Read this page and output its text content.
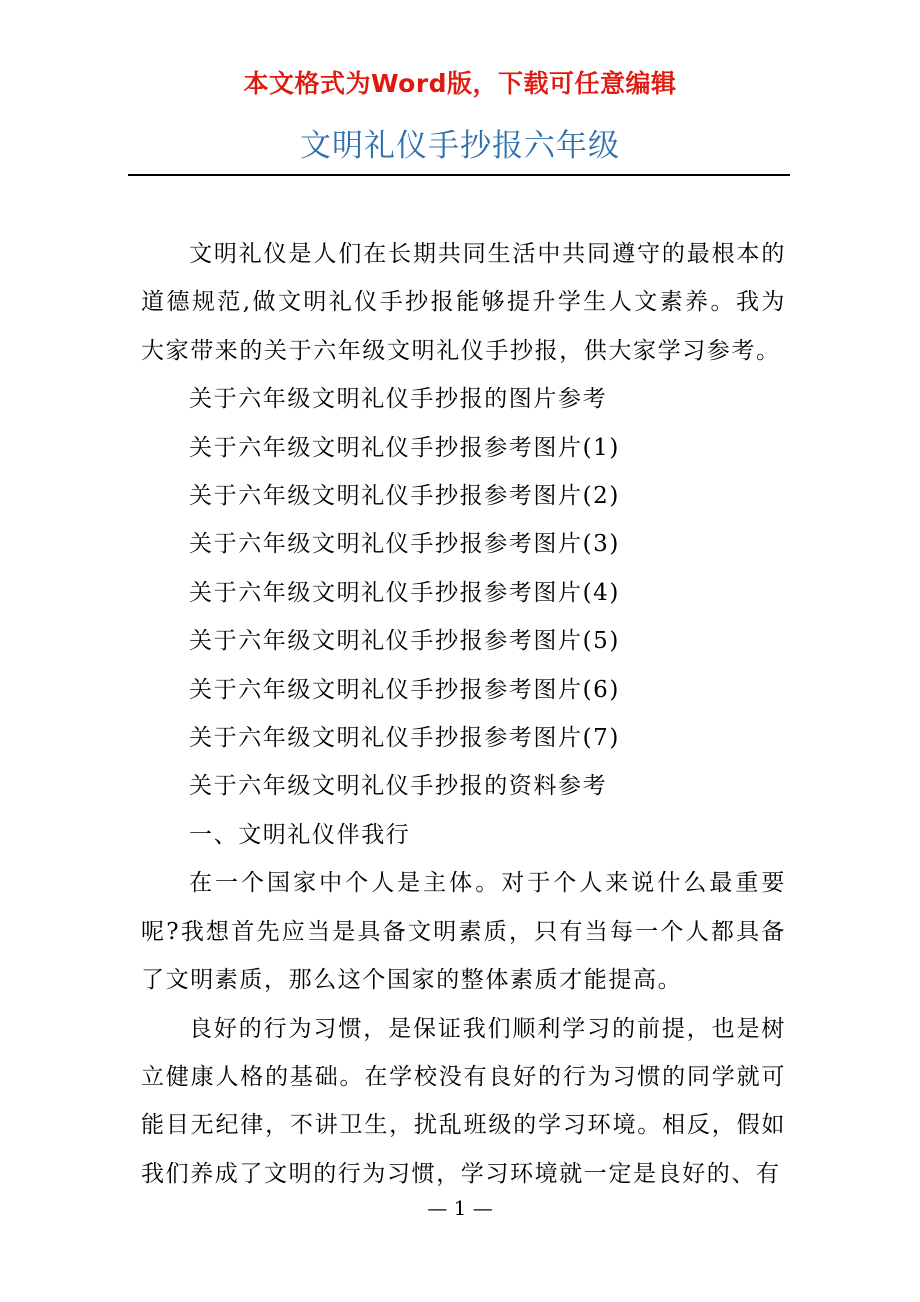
本文格式为Word版，下载可任意编辑
文明礼仪手抄报六年级

文明礼仪是人们在长期共同生活中共同遵守的最根本的道德规范,做文明礼仪手抄报能够提升学生人文素养。我为大家带来的关于六年级文明礼仪手抄报，供大家学习参考。

关于六年级文明礼仪手抄报的图片参考

关于六年级文明礼仪手抄报参考图片(1)

关于六年级文明礼仪手抄报参考图片(2)

关于六年级文明礼仪手抄报参考图片(3)

关于六年级文明礼仪手抄报参考图片(4)

关于六年级文明礼仪手抄报参考图片(5)

关于六年级文明礼仪手抄报参考图片(6)

关于六年级文明礼仪手抄报参考图片(7)

关于六年级文明礼仪手抄报的资料参考

一、文明礼仪伴我行

在一个国家中个人是主体。对于个人来说什么最重要呢?我想首先应当是具备文明素质，只有当每一个人都具备了文明素质，那么这个国家的整体素质才能提高。

良好的行为习惯，是保证我们顺利学习的前提，也是树立健康人格的基础。在学校没有良好的行为习惯的同学就可能目无纪律，不讲卫生，扰乱班级的学习环境。相反，假如我们养成了文明的行为习惯，学习环境就一定是良好的、有

— 1 —
